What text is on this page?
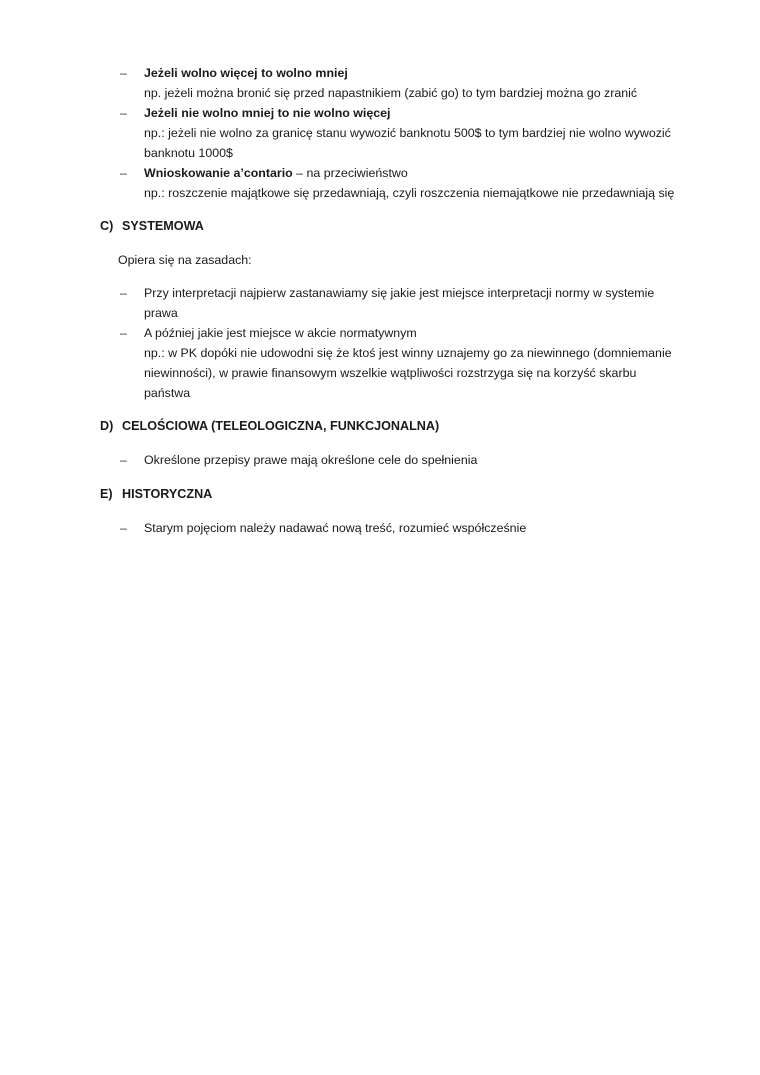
–	Jeżeli wolno więcej to wolno mniej
np. jeżeli można bronić się przed napastnikiem (zabić go) to tym bardziej można go zranić
–	Jeżeli nie wolno mniej to nie wolno więcej
np.: jeżeli nie wolno za granicę stanu wywozić banknotu 500$ to tym bardziej nie wolno wywozić
banknotu 1000$
–	Wnioskowanie a’contario – na przeciwieństwo
np.: roszczenie majątkowe się przedawniają, czyli roszczenia niemajątkowe nie przedawniają się
C) SYSTEMOWA
Opiera się na zasadach:
–	Przy interpretacji najpierw zastanawiamy się jakie jest miejsce interpretacji normy w systemie
prawa
–	A później jakie jest miejsce w akcie normatywnym
np.: w PK dopóki nie udowodni się że ktoś jest winny uznajemy go za niewinnego (domniemanie
niewinności), w prawie finansowym wszelkie wątpliwości rozstrzyga się na korzyść skarbu
państwa
D) CELOŚCIOWA (TELEOLOGICZNA, FUNKCJONALNA)
–	Określone przepisy prawe mają określone cele do spełnienia
E) HISTORYCZNA
–	Starym pojęciom należy nadawać nową treść, rozumieć współcześnie
